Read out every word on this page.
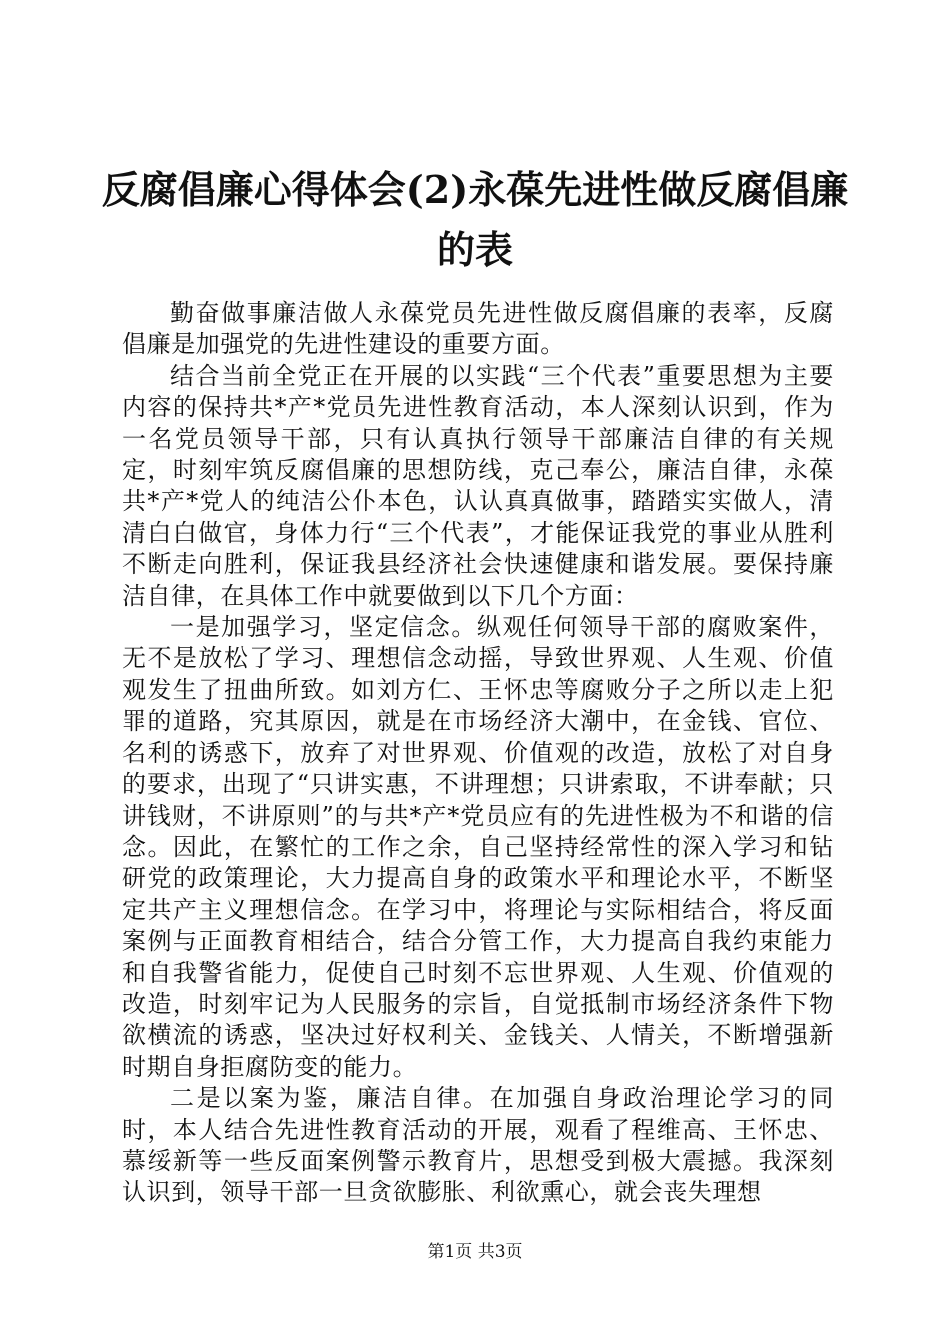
反腐倡廉心得体会(2)永葆先进性做反腐倡廉的表

勤奋做事廉洁做人永葆党员先进性做反腐倡廉的表率，反腐倡廉是加强党的先进性建设的重要方面。

结合当前全党正在开展的以实践“三个代表”重要思想为主要内容的保持共*产*党员先进性教育活动，本人深刻认识到，作为一名党员领导干部，只有认真执行领导干部廉洁自律的有关规定，时刻牢筑反腐倡廉的思想防线，克己奉公，廉洁自律，永葆共*产*党人的纯洁公仆本色，认认真真做事，踏踏实实做人，清清白白做官，身体力行“三个代表”，才能保证我党的事业从胜利不断走向胜利，保证我县经济社会快速健康和谐发展。要保持廉洁自律，在具体工作中就要做到以下几个方面：

一是加强学习，坚定信念。纵观任何领导干部的腐败案件，无不是放松了学习、理想信念动摇，导致世界观、人生观、价值观发生了扭曲所致。如刘方仁、王怀忠等腐败分子之所以走上犯罪的道路，究其原因，就是在市场经济大潮中，在金钱、官位、名利的诱惑下，放弃了对世界观、价值观的改造，放松了对自身的要求，出现了“只讲实惠，不讲理想；只讲索取，不讲奉献；只讲钱财，不讲原则”的与共*产*党员应有的先进性极为不和谐的信念。因此，在繁忙的工作之余，自己坚持经常性的深入学习和钻研党的政策理论，大力提高自身的政策水平和理论水平，不断坚定共产主义理想信念。在学习中，将理论与实际相结合，将反面案例与正面教育相结合，结合分管工作，大力提高自我约束能力和自我警省能力，促使自己时刻不忘世界观、人生观、价值观的改造，时刻牢记为人民服务的宗旨，自觉抵制市场经济条件下物欲横流的诱惑，坚决过好权利关、金钱关、人情关，不断增强新时期自身拒腐防变的能力。

二是以案为鉴，廉洁自律。在加强自身政治理论学习的同时，本人结合先进性教育活动的开展，观看了程维高、王怀忠、慕绥新等一些反面案例警示教育片，思想受到极大震撼。我深刻认识到，领导干部一旦贪欲膨胀、利欲熏心，就会丧失理想

第1页 共3页
